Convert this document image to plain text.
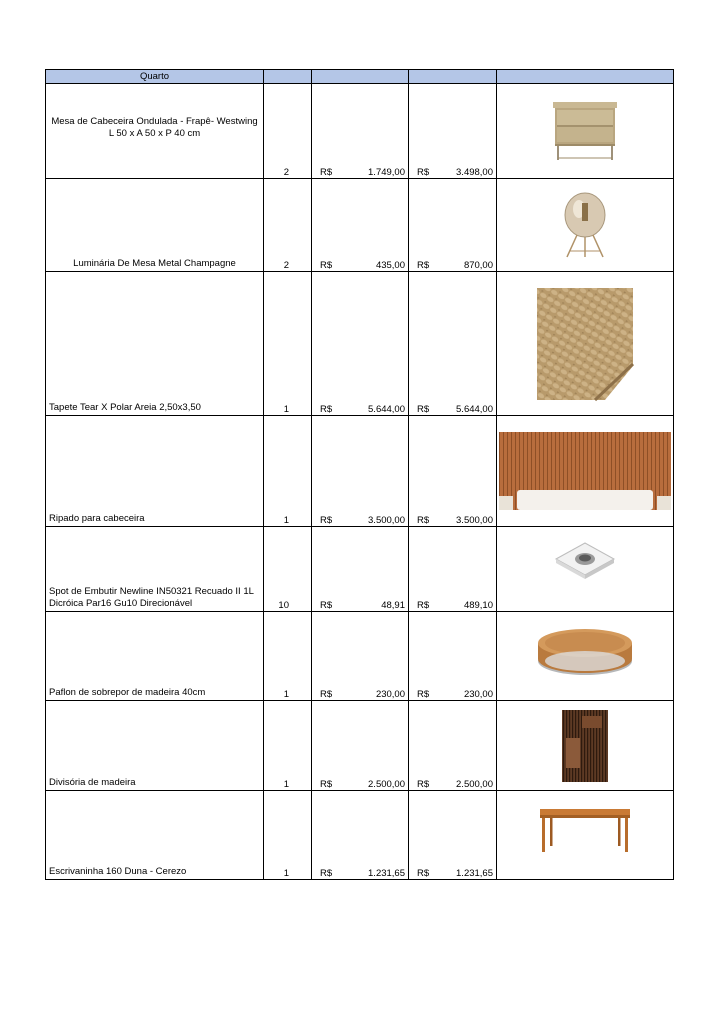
Quarto				
Mesa de Cabeceira Ondulada - Frapê- Westwing
L 50 x A 50 x P 40 cm	2	R$ 1.749,00	R$ 3.498,00

Luminária De Mesa Metal Champagne	2	R$ 435,00	R$ 870,00

Tapete Tear X Polar Areia 2,50x3,50	1	R$ 5.644,00	R$ 5.644,00

Ripado para cabeceira	1	R$ 3.500,00	R$ 3.500,00

Spot de Embutir Newline IN50321 Recuado II 1L Dicróica Par16 Gu10 Direcionável	10	R$ 48,91	R$ 489,10

Paflon de sobrepor de madeira 40cm	1	R$ 230,00	R$ 230,00

Divisória de madeira	1	R$ 2.500,00	R$ 2.500,00

Escrivaninha 160 Duna - Cerezo	1	R$ 1.231,65	R$ 1.231,65
